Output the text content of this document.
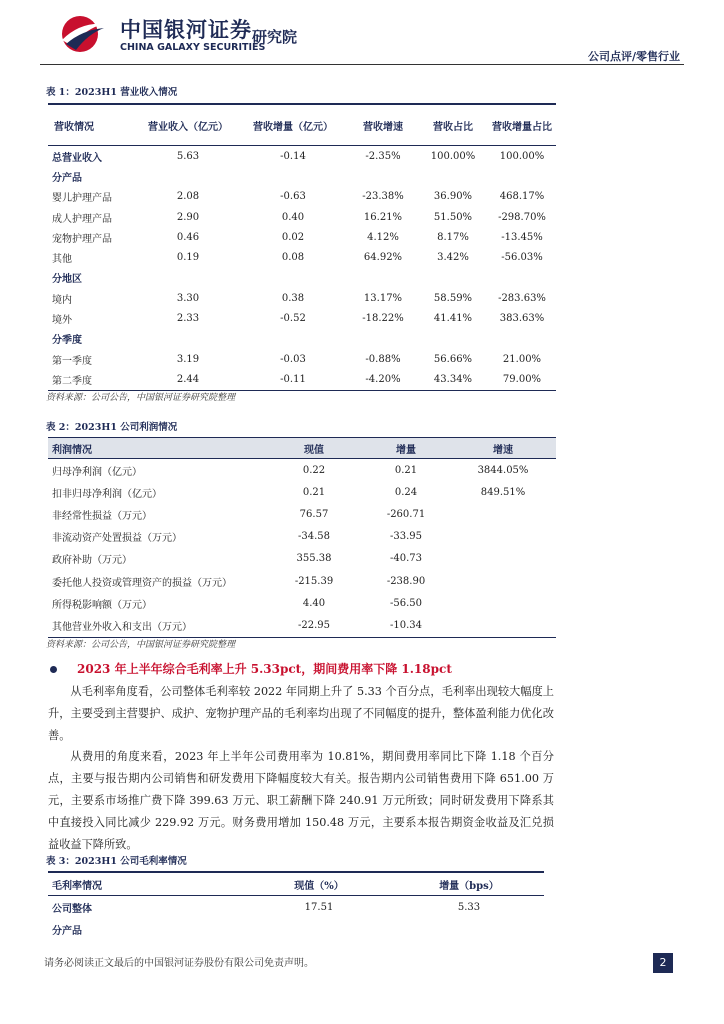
中国银河证券
CHINA GALAXY SECURITIES
研究院
公司点评/零售行业
表 1：2023H1 营业收入情况
营收情况	营业收入（亿元）	营收增量（亿元）	营收增速	营收占比	营收增量占比
总营业收入	5.63	-0.14	-2.35%	100.00%	100.00%
分产品					
婴儿护理产品	2.08	-0.63	-23.38%	36.90%	468.17%
成人护理产品	2.90	0.40	16.21%	51.50%	-298.70%
宠物护理产品	0.46	0.02	4.12%	8.17%	-13.45%
其他	0.19	0.08	64.92%	3.42%	-56.03%
分地区					
境内	3.30	0.38	13.17%	58.59%	-283.63%
境外	2.33	-0.52	-18.22%	41.41%	383.63%
分季度					
第一季度	3.19	-0.03	-0.88%	56.66%	21.00%
第二季度	2.44	-0.11	-4.20%	43.34%	79.00%
资料来源：公司公告，中国银河证券研究院整理
表 2：2023H1 公司利润情况
利润情况	现值	增量	增速
归母净利润（亿元）	0.22	0.21	3844.05%
扣非归母净利润（亿元）	0.21	0.24	849.51%
非经常性损益（万元）	76.57	-260.71	
非流动资产处置损益（万元）	-34.58	-33.95	
政府补助（万元）	355.38	-40.73	
委托他人投资或管理资产的损益（万元）	-215.39	-238.90	
所得税影响额（万元）	4.40	-56.50	
其他营业外收入和支出（万元）	-22.95	-10.34	
资料来源：公司公告，中国银河证券研究院整理
2023 年上半年综合毛利率上升 5.33pct，期间费用率下降 1.18pct
从毛利率角度看，公司整体毛利率较 2022 年同期上升了 5.33 个百分点，毛利率出现较大幅度上升，主要受到主营婴护、成护、宠物护理产品的毛利率均出现了不同幅度的提升，整体盈利能力优化改善。
从费用的角度来看，2023 年上半年公司费用率为 10.81%，期间费用率同比下降 1.18 个百分点，主要与报告期内公司销售和研发费用下降幅度较大有关。报告期内公司销售费用下降 651.00 万元，主要系市场推广费下降 399.63 万元、职工薪酬下降 240.91 万元所致；同时研发费用下降系其中直接投入同比减少 229.92 万元。财务费用增加 150.48 万元，主要系本报告期资金收益及汇兑损益收益下降所致。
表 3：2023H1 公司毛利率情况
毛利率情况	现值（%）	增量（bps）
公司整体	17.51	5.33
分产品		
请务必阅读正文最后的中国银河证券股份有限公司免责声明。	2
